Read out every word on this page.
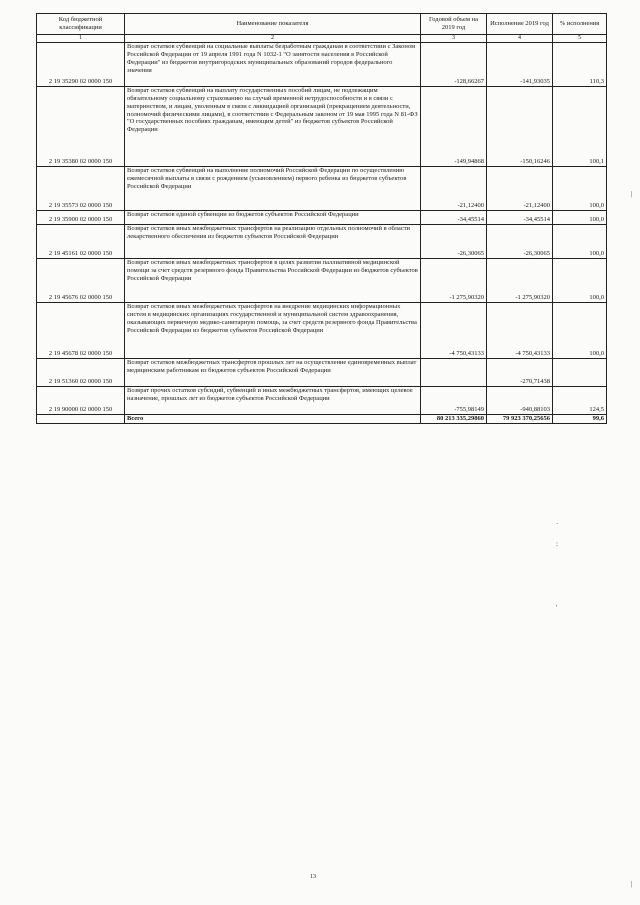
Код бюджетной классификации	Наименование показателя	Годовой объем на 2019 год	Исполнение 2019 год	% исполнения
1	2	3	4	5
2 19 35290 02 0000 150	Возврат остатков субвенций на социальные выплаты безработным гражданам в соответствии с Законом Российской Федерации от 19 апреля 1991 года N 1032-1 "О занятости населения в Российской Федерации" из бюджетов внутригородских муниципальных образований городов федерального значения	-128,66267	-141,93035	110,3
2 19 35380 02 0000 150	Возврат остатков субвенций на выплату государственных пособий лицам, не подлежащим обязательному социальному страхованию на случай временной нетрудоспособности и в связи с материнством, и лицам, уволенным в связи с ликвидацией организаций (прекращением деятельности, полномочий физическими лицами), в соответствии с Федеральным законом от 19 мая 1995 года N 81-ФЗ "О государственных пособиях гражданам, имеющим детей" из бюджетов субъектов Российской Федерации	-149,94868	-150,16246	100,1
2 19 35573 02 0000 150	Возврат остатков субвенций на выполнение полномочий Российской Федерации по осуществлению ежемесячной выплаты в связи с рождением (усыновлением) первого ребенка из бюджетов субъектов Российской Федерации	-21,12400	-21,12400	100,0
2 19 35900 02 0000 150	Возврат остатков единой субвенции из бюджетов субъектов Российской Федерации	-34,45514	-34,45514	100,0
2 19 45161 02 0000 150	Возврат остатков иных межбюджетных трансфертов на реализацию отдельных полномочий в области лекарственного обеспечения из бюджетов субъектов Российской Федерации	-26,30065	-26,30065	100,0
2 19 45676 02 0000 150	Возврат остатков иных межбюджетных трансфертов в целях развития паллиативной медицинской помощи за счет средств резервного фонда Правительства Российской Федерации из бюджетов субъектов Российской Федерации	-1 275,90320	-1 275,90320	100,0
2 19 45678 02 0000 150	Возврат остатков иных межбюджетных трансфертов на внедрение медицинских информационных систем в медицинских организациях государственной и муниципальной систем здравоохранения, оказывающих первичную медико-санитарную помощь, за счет средств резервного фонда Правительства Российской Федерации из бюджетов субъектов Российской Федерации	-4 750,43133	-4 750,43133	100,0
2 19 51360 02 0000 150	Возврат остатков межбюджетных трансфертов прошлых лет на осуществление единовременных выплат медицинским работникам из бюджетов субъектов Российской Федерации		-270,71438	
2 19 90000 02 0000 150	Возврат прочих остатков субсидий, субвенций и иных межбюджетных трансфертов, имеющих целевое назначение, прошлых лет из бюджетов субъектов Российской Федерации	-755,98149	-940,88103	124,5
	Всего	80 213 335,29860	79 923 370,25656	99,6
|
·
:
'
|
13
